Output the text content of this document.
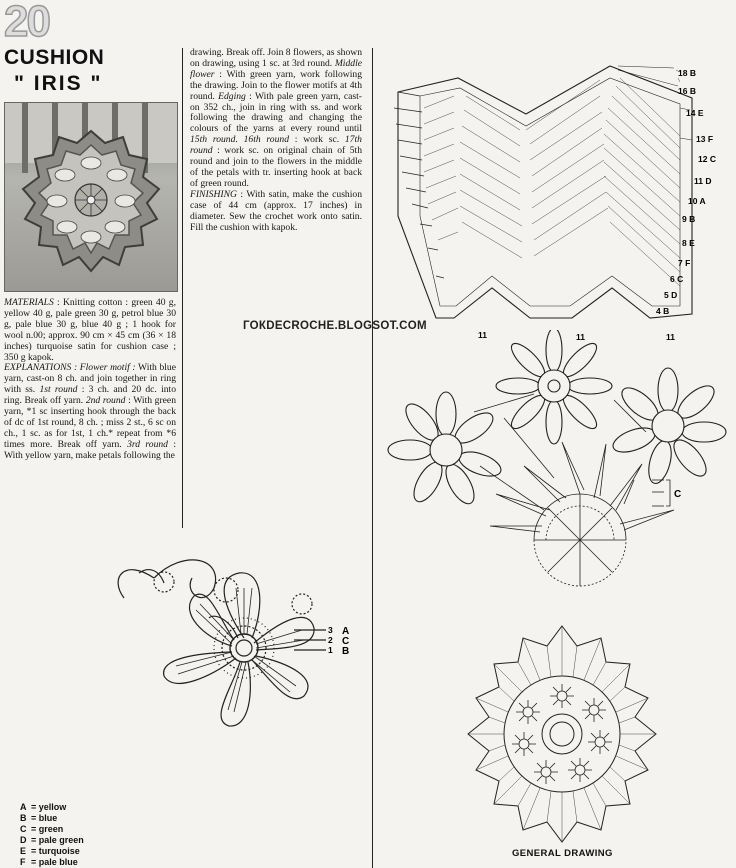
20
CUSHION
" IRIS "
MATERIALS : Knitting cotton : green 40 g, yellow 40 g, pale green 30 g, petrol blue 30 g, pale blue 30 g, blue 40 g ; 1 hook for wool n.00; approx. 90 cm × 45 cm (36 × 18 inches) turquoise satin for cushion case ; 350 g kapok.
EXPLANATIONS : Flower motif : With blue yarn, cast-on 8 ch. and join together in ring with ss. 1st round : 3 ch. and 20 dc. into ring. Break off yarn. 2nd round : With green yarn, *1 sc inserting hook through the back of dc of 1st round, 8 ch. ; miss 2 st., 6 sc on ch., 1 sc. as for 1st, 1 ch.* repeat from *6 times more. Break off yarn. 3rd round : With yellow yarn, make petals following the
drawing. Break off. Join 8 flowers, as shown on drawing, using 1 sc. at 3rd round. Middle flower : With green yarn, work following the drawing. Join to the flower motifs at 4th round. Edging : With pale green yarn, cast-on 352 ch., join in ring with ss. and work following the drawing and changing the colours of the yarns at every round until 15th round. 16th round : work sc. 17th round : work sc. on original chain of 5th round and join to the flowers in the middle of the petals with tr. inserting hook at back of green round.
FINISHING : With satin, make the cushion case of 44 cm (approx. 17 inches) in diameter. Sew the crochet work onto satin. Fill the cushion with kapok.
ГОКDЕСROCHЕ.BLOGSOT.COM
3 A
2 C
1 B
A = yellow
B = blue
C = green
D = pale green
E = turquoise
F = pale blue
18 B
16 B
14 E
13 F
12 C
11 D
10 A
9 B
8 E
7 F
6 C
5 D
4 B
11	11	11
C
GENERAL DRAWING
